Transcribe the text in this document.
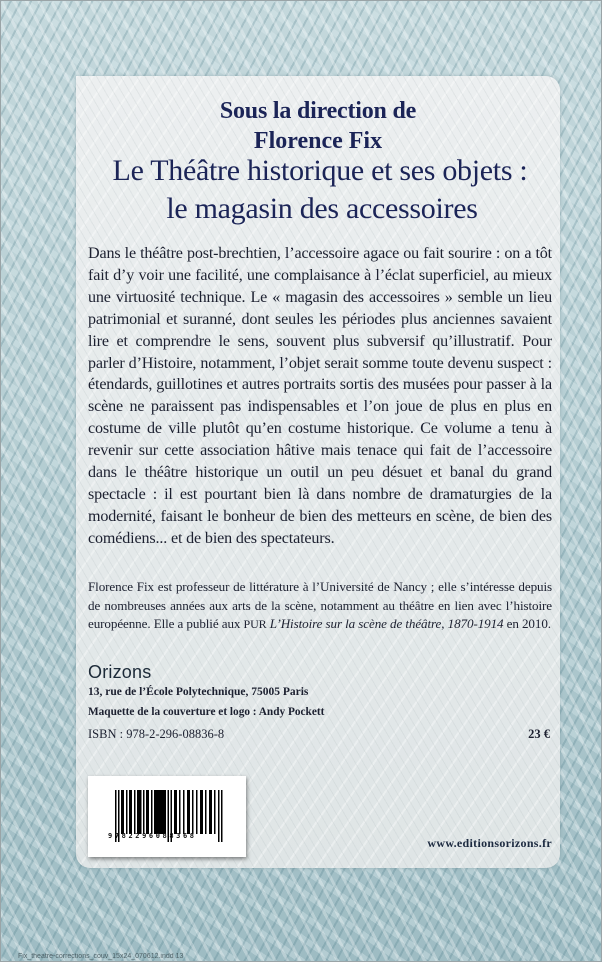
Sous la direction de
Florence Fix
Le Théâtre historique et ses objets :
le magasin des accessoires

Dans le théâtre post-brechtien, l’accessoire agace ou fait sourire : on a tôt fait d’y voir une facilité, une complaisance à l’éclat superficiel, au mieux une virtuosité technique. Le « magasin des accessoires » semble un lieu patrimonial et suranné, dont seules les périodes plus anciennes savaient lire et comprendre le sens, souvent plus subversif qu’illustratif. Pour parler d’Histoire, notamment, l’objet serait somme toute devenu suspect : étendards, guillotines et autres portraits sortis des musées pour passer à la scène ne paraissent pas indispensables et l’on joue de plus en plus en costume de ville plutôt qu’en costume historique. Ce volume a tenu à revenir sur cette association hâtive mais tenace qui fait de l’accessoire dans le théâtre historique un outil un peu désuet et banal du grand spectacle : il est pourtant bien là dans nombre de dramaturgies de la modernité, faisant le bonheur de bien des metteurs en scène, de bien des comédiens... et de bien des spectateurs.

Florence Fix est professeur de littérature à l’Université de Nancy ; elle s’intéresse depuis de nombreuses années aux arts de la scène, notamment au théâtre en lien avec l’histoire européenne. Elle a publié aux PUR L’Histoire sur la scène de théâtre, 1870-1914 en 2010.

Orizons
13, rue de l’École Polytechnique, 75005 Paris
Maquette de la couverture et logo : Andy Pockett
ISBN : 978-2-296-08836-8	23 €
9782296088368	www.editionsorizons.fr
Fix_theatre-corrections_couv_15x24_070612.indd 13
